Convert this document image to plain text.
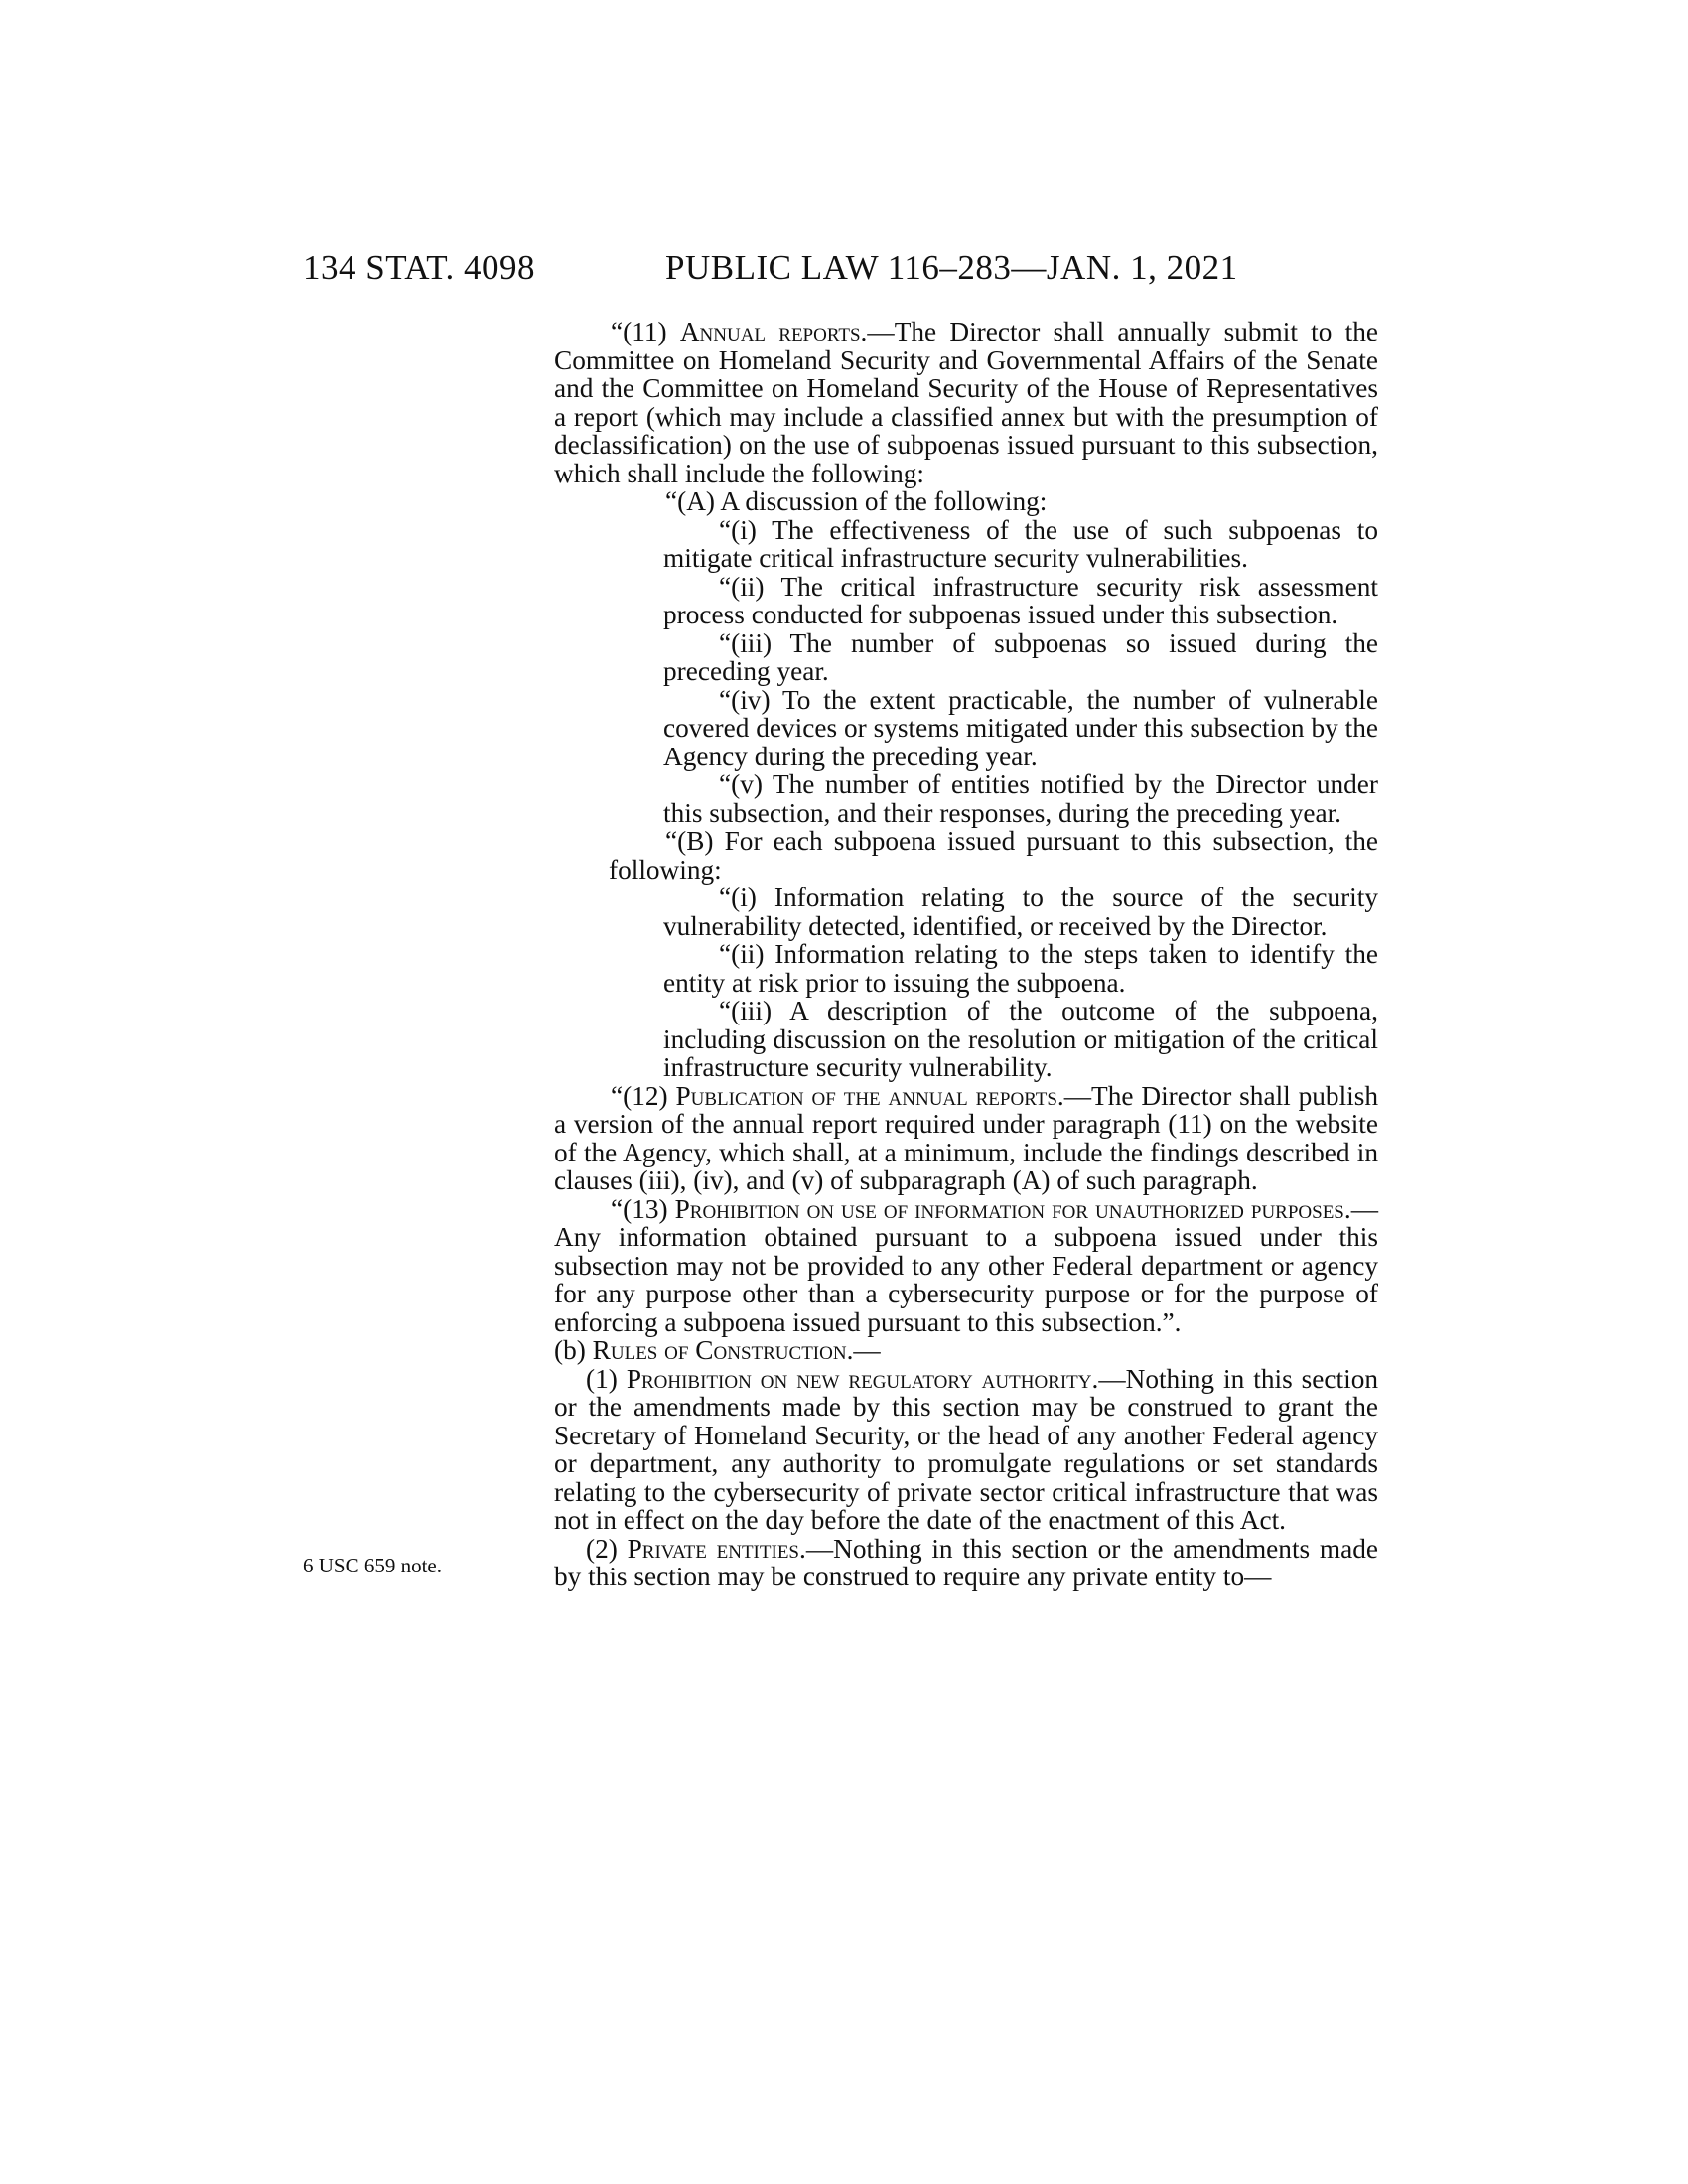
134 STAT. 4098	PUBLIC LAW 116–283—JAN. 1, 2021
6 USC 659 note.

“(11) Annual reports.—The Director shall annually submit to the Committee on Homeland Security and Governmental Affairs of the Senate and the Committee on Homeland Security of the House of Representatives a report (which may include a classified annex but with the presumption of declassification) on the use of subpoenas issued pursuant to this subsection, which shall include the following:

“(A) A discussion of the following:

“(i) The effectiveness of the use of such subpoenas to mitigate critical infrastructure security vulnerabilities.

“(ii) The critical infrastructure security risk assessment process conducted for subpoenas issued under this subsection.

“(iii) The number of subpoenas so issued during the preceding year.

“(iv) To the extent practicable, the number of vulnerable covered devices or systems mitigated under this subsection by the Agency during the preceding year.

“(v) The number of entities notified by the Director under this subsection, and their responses, during the preceding year.

“(B) For each subpoena issued pursuant to this subsection, the following:

“(i) Information relating to the source of the security vulnerability detected, identified, or received by the Director.

“(ii) Information relating to the steps taken to identify the entity at risk prior to issuing the subpoena.

“(iii) A description of the outcome of the subpoena, including discussion on the resolution or mitigation of the critical infrastructure security vulnerability.

“(12) Publication of the annual reports.—The Director shall publish a version of the annual report required under paragraph (11) on the website of the Agency, which shall, at a minimum, include the findings described in clauses (iii), (iv), and (v) of subparagraph (A) of such paragraph.

“(13) Prohibition on use of information for unauthorized purposes.—Any information obtained pursuant to a subpoena issued under this subsection may not be provided to any other Federal department or agency for any purpose other than a cybersecurity purpose or for the purpose of enforcing a subpoena issued pursuant to this subsection.”.

(b) Rules of Construction.—

(1) Prohibition on new regulatory authority.—Nothing in this section or the amendments made by this section may be construed to grant the Secretary of Homeland Security, or the head of any another Federal agency or department, any authority to promulgate regulations or set standards relating to the cybersecurity of private sector critical infrastructure that was not in effect on the day before the date of the enactment of this Act.

(2) Private entities.—Nothing in this section or the amendments made by this section may be construed to require any private entity to—
